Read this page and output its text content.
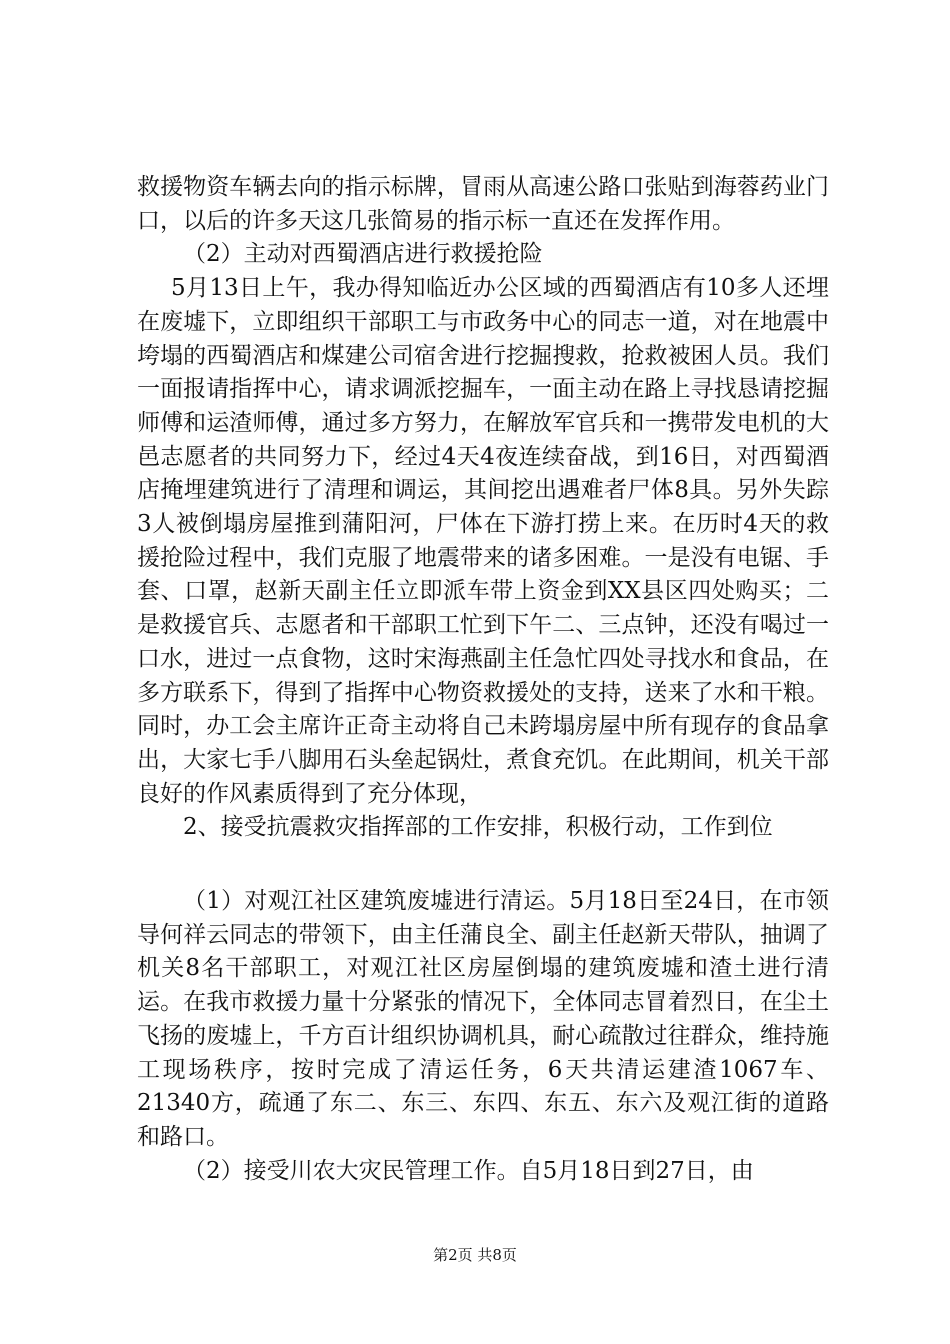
救援物资车辆去向的指示标牌，冒雨从高速公路口张贴到海蓉药业门口，以后的许多天这几张简易的指示标一直还在发挥作用。

（2）主动对西蜀酒店进行救援抢险

5月13日上午，我办得知临近办公区域的西蜀酒店有10多人还埋在废墟下，立即组织干部职工与市政务中心的同志一道，对在地震中垮塌的西蜀酒店和煤建公司宿舍进行挖掘搜救，抢救被困人员。我们一面报请指挥中心，请求调派挖掘车，一面主动在路上寻找恳请挖掘师傅和运渣师傅，通过多方努力，在解放军官兵和一携带发电机的大邑志愿者的共同努力下，经过4天4夜连续奋战，到16日，对西蜀酒店掩埋建筑进行了清理和调运，其间挖出遇难者尸体8具。另外失踪3人被倒塌房屋推到蒲阳河，尸体在下游打捞上来。在历时4天的救援抢险过程中，我们克服了地震带来的诸多困难。一是没有电锯、手套、口罩，赵新天副主任立即派车带上资金到XX县区四处购买；二是救援官兵、志愿者和干部职工忙到下午二、三点钟，还没有喝过一口水，进过一点食物，这时宋海燕副主任急忙四处寻找水和食品，在多方联系下，得到了指挥中心物资救援处的支持，送来了水和干粮。同时，办工会主席许正奇主动将自己未跨塌房屋中所有现存的食品拿出，大家七手八脚用石头垒起锅灶，煮食充饥。在此期间，机关干部良好的作风素质得到了充分体现，

2、接受抗震救灾指挥部的工作安排，积极行动，工作到位

（1）对观江社区建筑废墟进行清运。5月18日至24日，在市领导何祥云同志的带领下，由主任蒲良全、副主任赵新天带队，抽调了机关8名干部职工，对观江社区房屋倒塌的建筑废墟和渣土进行清运。在我市救援力量十分紧张的情况下，全体同志冒着烈日，在尘土飞扬的废墟上，千方百计组织协调机具，耐心疏散过往群众，维持施工现场秩序，按时完成了清运任务，6天共清运建渣1067车、21340方，疏通了东二、东三、东四、东五、东六及观江街的道路和路口。

（2）接受川农大灾民管理工作。自5月18日到27日，由

第2页 共8页
